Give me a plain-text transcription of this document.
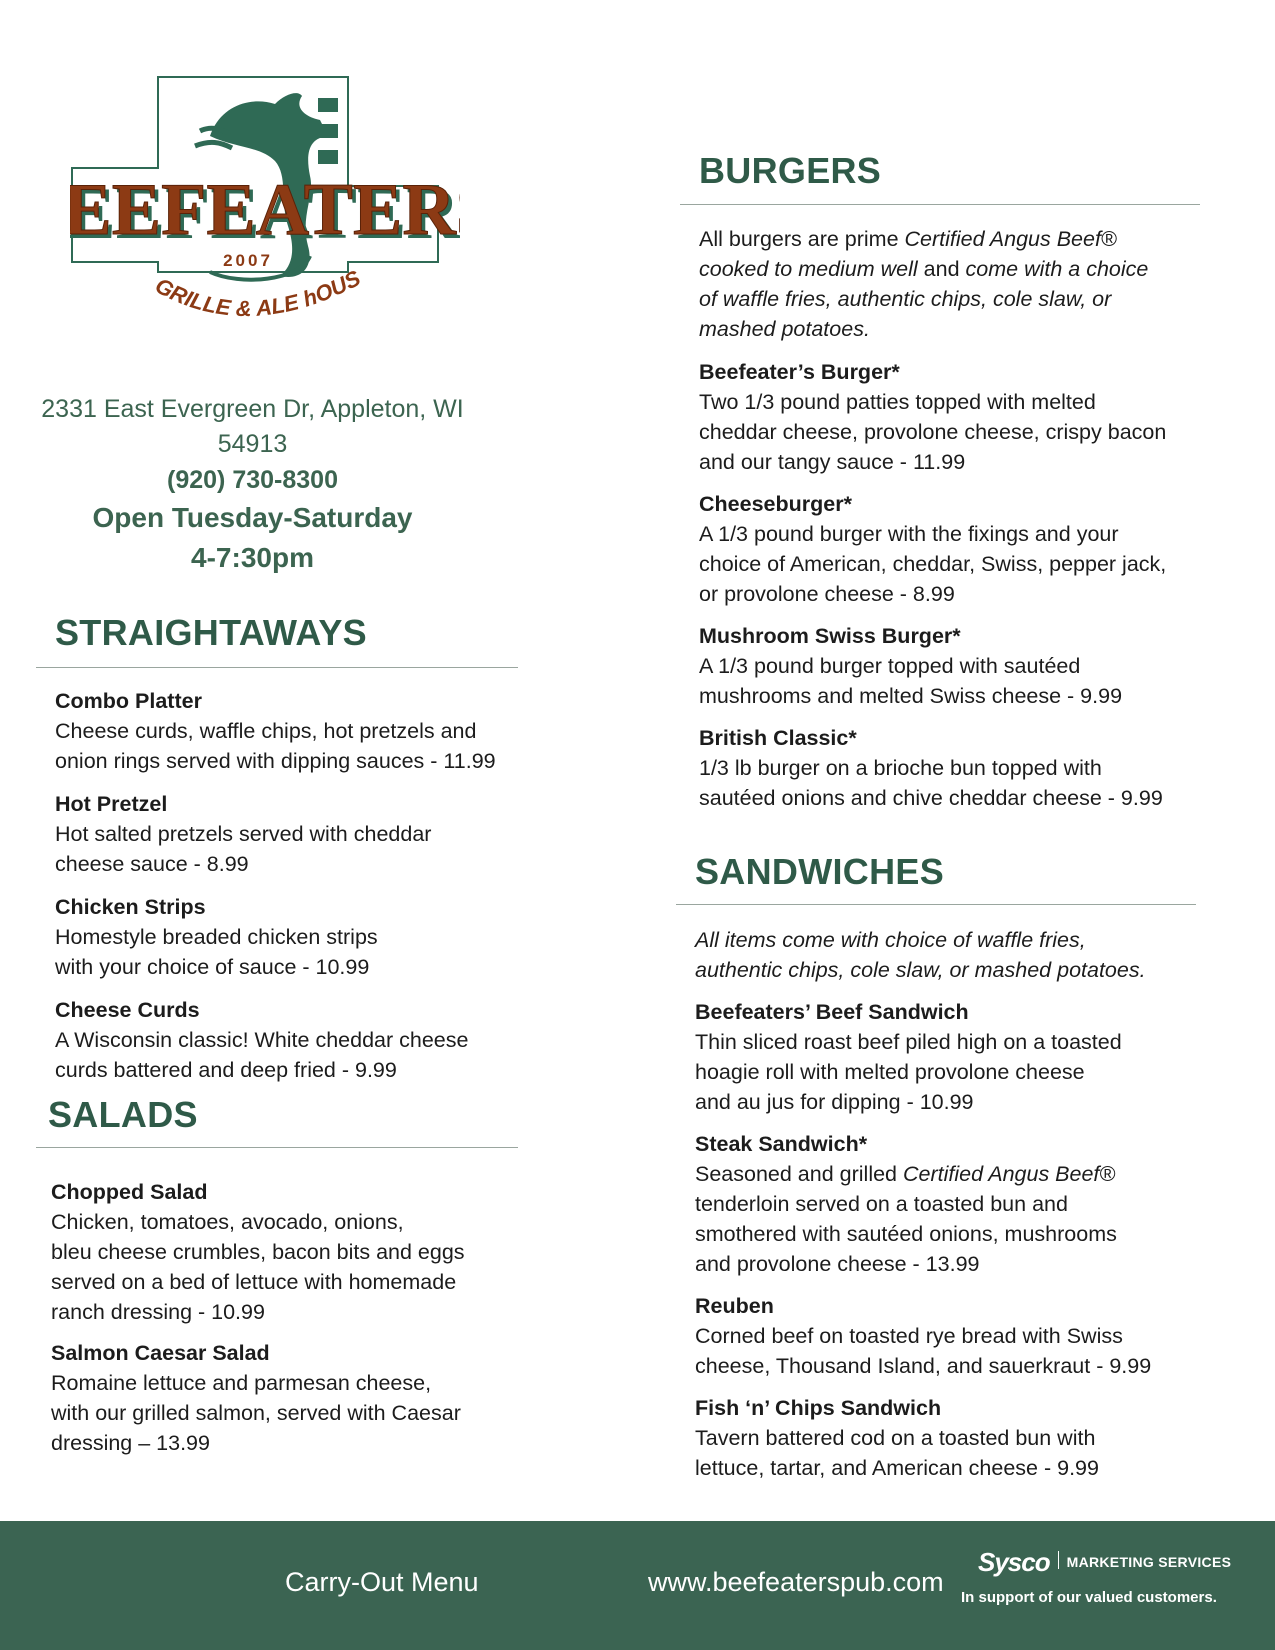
EEFEATER
EEFEATER
2007
GRILLE & ALE hOUS
2331 East Evergreen Dr, Appleton, WI
54913
(920) 730-8300
Open Tuesday-Saturday
4-7:30pm
STRAIGHTAWAYS
Combo Platter
Cheese curds, waffle chips, hot pretzels and
onion rings served with dipping sauces - 11.99
Hot Pretzel
Hot salted pretzels served with cheddar
cheese sauce - 8.99
Chicken Strips
Homestyle breaded chicken strips
with your choice of sauce - 10.99
Cheese Curds
A Wisconsin classic! White cheddar cheese
curds battered and deep fried - 9.99
SALADS
Chopped Salad
Chicken, tomatoes, avocado, onions,
bleu cheese crumbles, bacon bits and eggs
served on a bed of lettuce with homemade
ranch dressing - 10.99
Salmon Caesar Salad
Romaine lettuce and parmesan cheese,
with our grilled salmon, served with Caesar
dressing – 13.99
BURGERS
All burgers are prime Certified Angus Beef®
cooked to medium well and come with a choice
of waffle fries, authentic chips, cole slaw, or
mashed potatoes.
Beefeater’s Burger*
Two 1/3 pound patties topped with melted
cheddar cheese, provolone cheese, crispy bacon
and our tangy sauce - 11.99
Cheeseburger*
A 1/3 pound burger with the fixings and your
choice of American, cheddar, Swiss, pepper jack,
or provolone cheese - 8.99
Mushroom Swiss Burger*
A 1/3 pound burger topped with sautéed
mushrooms and melted Swiss cheese - 9.99
British Classic*
1/3 lb burger on a brioche bun topped with
sautéed onions and chive cheddar cheese - 9.99
SANDWICHES
All items come with choice of waffle fries,
authentic chips, cole slaw, or mashed potatoes.
Beefeaters’ Beef Sandwich
Thin sliced roast beef piled high on a toasted
hoagie roll with melted provolone cheese
and au jus for dipping - 10.99
Steak Sandwich*
Seasoned and grilled Certified Angus Beef®
tenderloin served on a toasted bun and
smothered with sautéed onions, mushrooms
and provolone cheese - 13.99
Reuben
Corned beef on toasted rye bread with Swiss
cheese, Thousand Island, and sauerkraut - 9.99
Fish ‘n’ Chips Sandwich
Tavern battered cod on a toasted bun with
lettuce, tartar, and American cheese - 9.99
Carry-Out Menu	www.beefeaterspub.com
Sysco MARKETING SERVICES
In support of our valued customers.
